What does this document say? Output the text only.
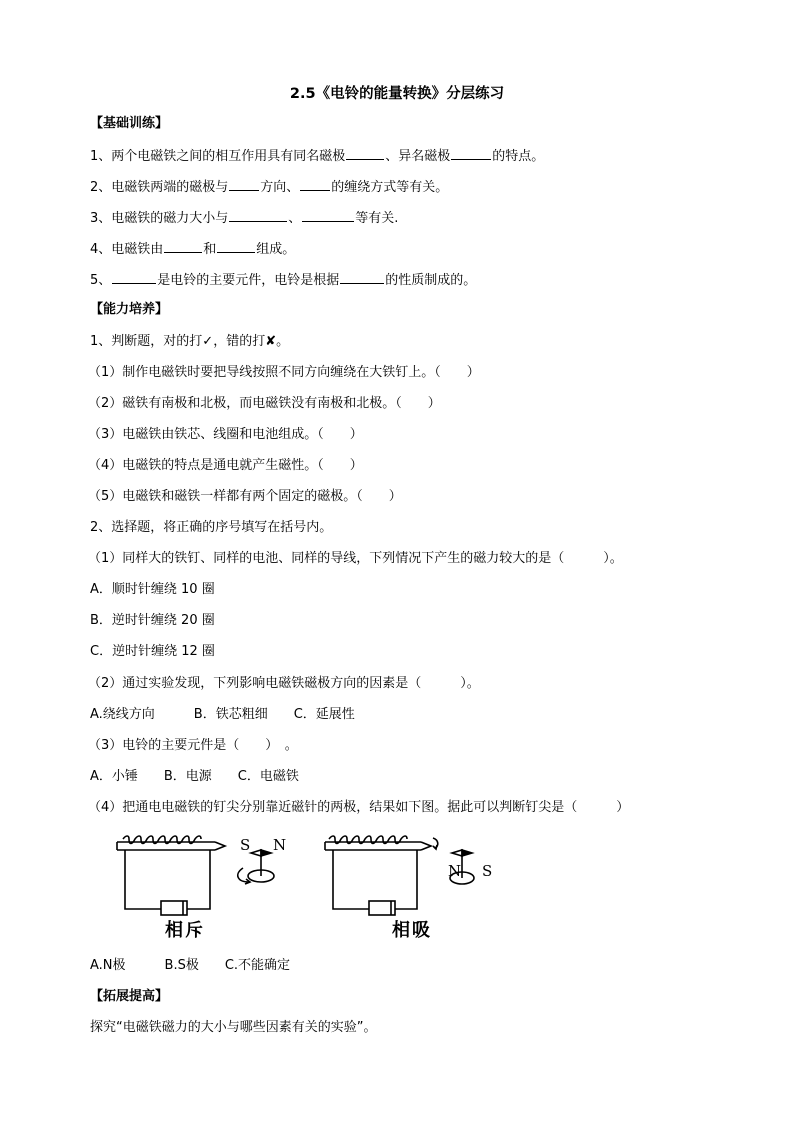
2.5《电铃的能量转换》分层练习
【基础训练】
1、两个电磁铁之间的相互作用具有同名磁极	、异名磁极	的特点。
2、电磁铁两端的磁极与 方向、 的缠绕方式等有关。
3、电磁铁的磁力大小与	、	等有关.
4、电磁铁由	和	组成。
5、	是电铃的主要元件，电铃是根据	的性质制成的。
【能力培养】
1、判断题，对的打✓，错的打✘。
（1）制作电磁铁时要把导线按照不同方向缠绕在大铁钉上。（　　）
（2）磁铁有南极和北极，而电磁铁没有南极和北极。（　　）
（3）电磁铁由铁芯、线圈和电池组成。（　　）
（4）电磁铁的特点是通电就产生磁性。（　　）
（5）电磁铁和磁铁一样都有两个固定的磁极。（　　）
2、选择题，将正确的序号填写在括号内。
（1）同样大的铁钉、同样的电池、同样的导线，下列情况下产生的磁力较大的是（　　　）。
A．顺时针缠绕 10 圈
B．逆时针缠绕 20 圈
C．逆时针缠绕 12 圈
（2）通过实验发现，下列影响电磁铁磁极方向的因素是（　　　）。
A.绕线方向　　　B．铁芯粗细　　C．延展性
（3）电铃的主要元件是（　　）　。
A．小锤　　B．电源　　C．电磁铁
（4）把通电电磁铁的钉尖分别靠近磁针的两极，结果如下图。据此可以判断钉尖是（　　　）
S N
相斥	相吸
N S
A.N极　　　B.S极　　C.不能确定
【拓展提高】
探究“电磁铁磁力的大小与哪些因素有关的实验”。
